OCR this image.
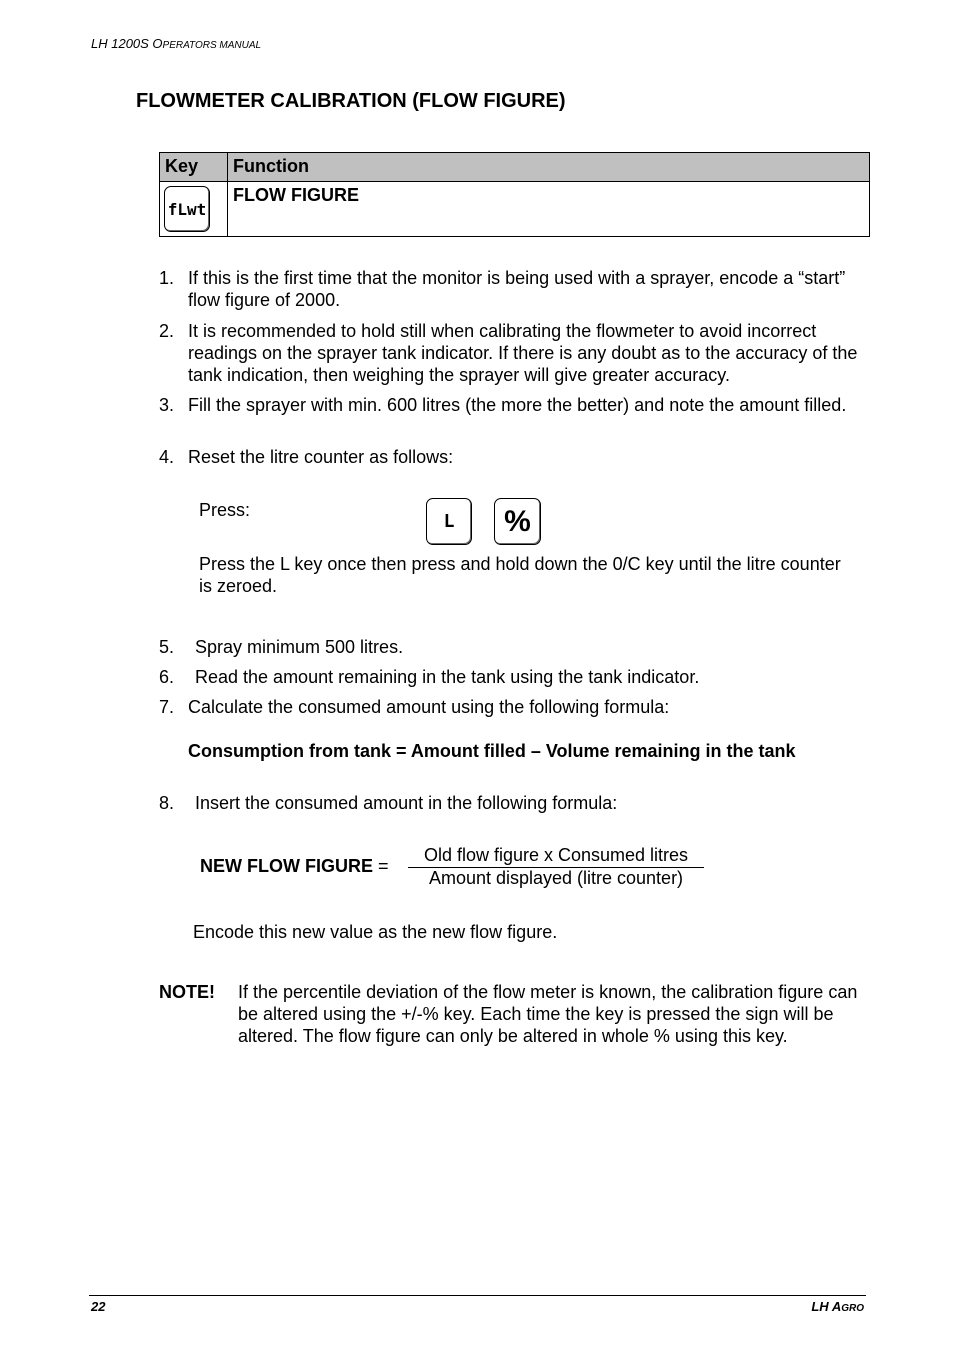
LH 1200S OPERATORS MANUAL
FLOWMETER CALIBRATION (FLOW FIGURE)
Key	Function

fLwt	FLOW FIGURE
1. If this is the first time that the monitor is being used with a sprayer, encode a “start” flow figure of 2000.
2. It is recommended to hold still when calibrating the flowmeter to avoid incorrect readings on the sprayer tank indicator. If there is any doubt as to the accuracy of the tank indication, then weighing the sprayer will give greater accuracy.
3. Fill the sprayer with min. 600 litres (the more the better) and note the amount filled.
4. Reset the litre counter as follows:
Press:
L %
Press the L key once then press and hold down the 0/C key until the litre counter is zeroed.
5. Spray minimum 500 litres.
6. Read the amount remaining in the tank using the tank indicator.
7. Calculate the consumed amount using the following formula:
Consumption from tank = Amount filled – Volume remaining in the tank
8. Insert the consumed amount in the following formula:
NEW FLOW FIGURE =
Old flow figure x Consumed litres
Amount displayed (litre counter)
Encode this new value as the new flow figure.
NOTE! If the percentile deviation of the flow meter is known, the calibration figure can be altered using the +/-% key. Each time the key is pressed the sign will be altered. The flow figure can only be altered in whole % using this key.
22	LH AGRO
